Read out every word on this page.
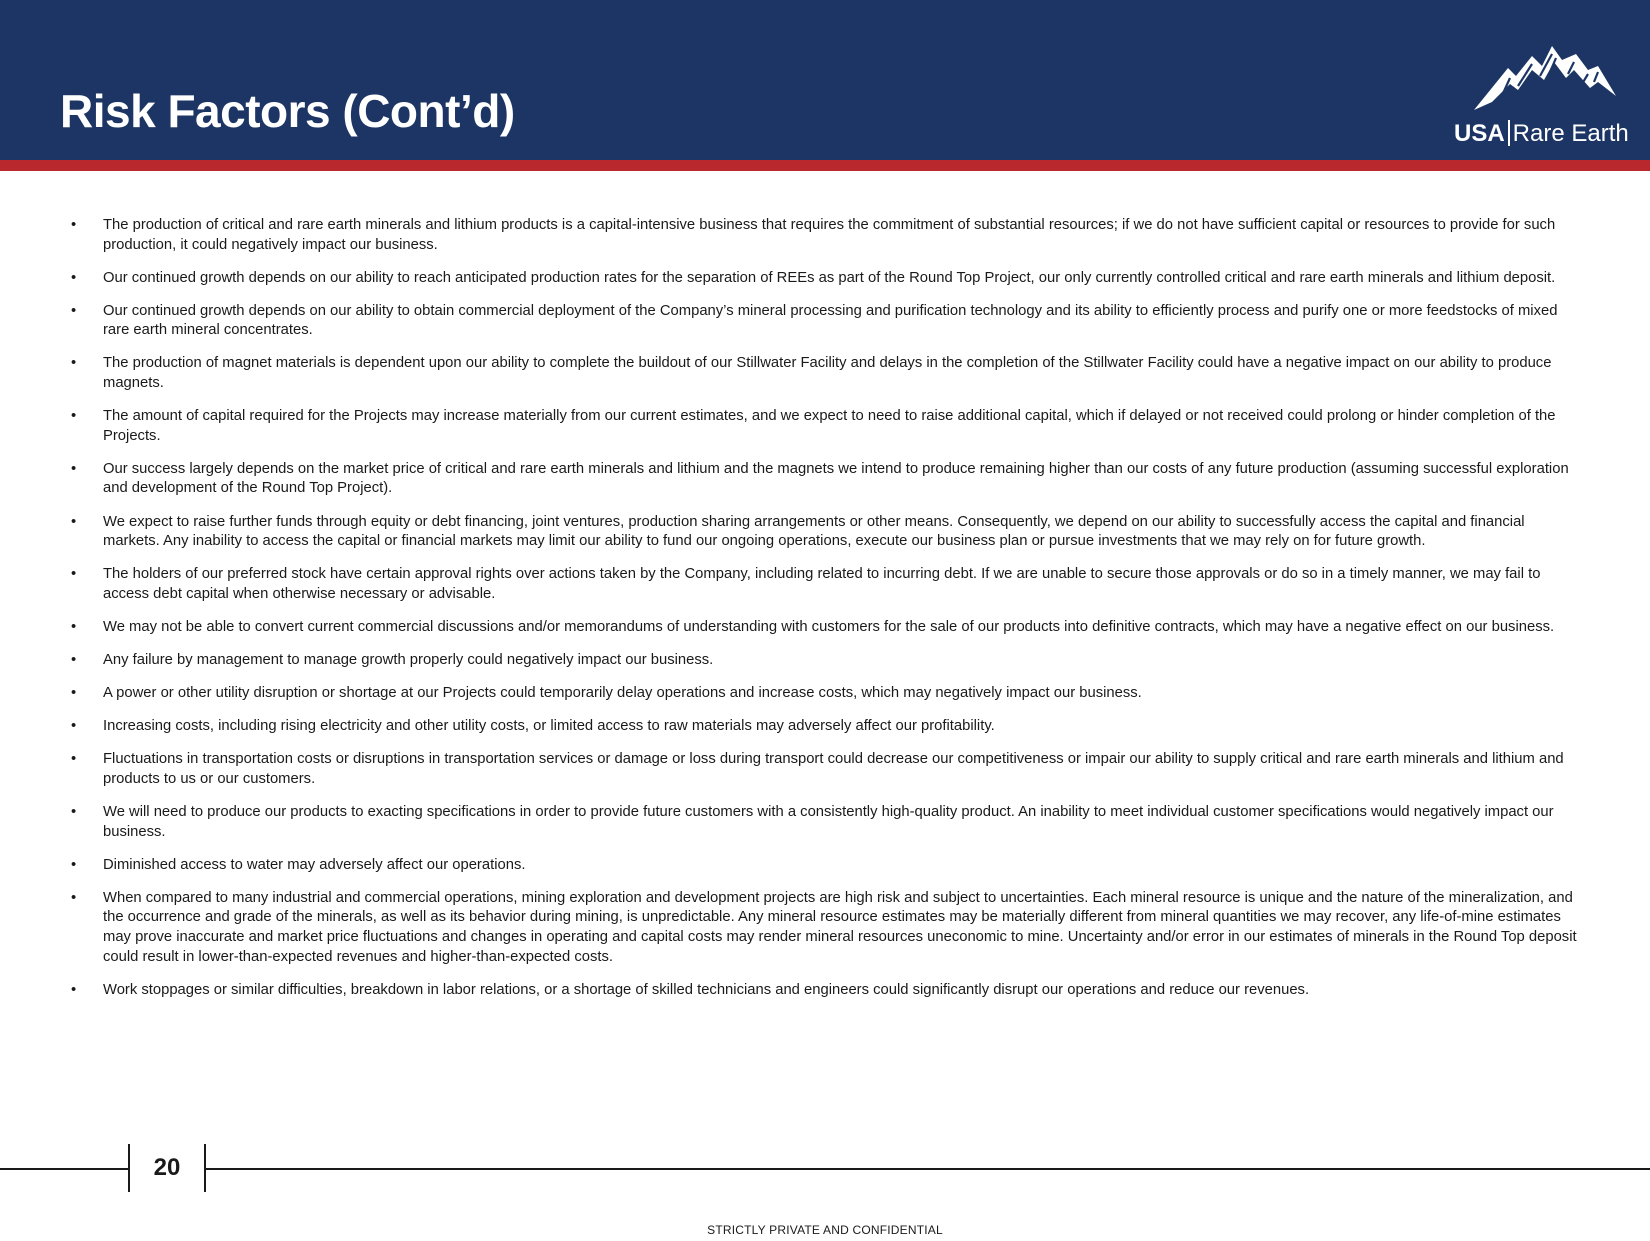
Risk Factors (Cont’d)	USA Rare Earth
• The production of critical and rare earth minerals and lithium products is a capital-intensive business that requires the commitment of substantial resources; if we do not have sufficient capital or resources to provide for such production, it could negatively impact our business.
• Our continued growth depends on our ability to reach anticipated production rates for the separation of REEs as part of the Round Top Project, our only currently controlled critical and rare earth minerals and lithium deposit.
• Our continued growth depends on our ability to obtain commercial deployment of the Company’s mineral processing and purification technology and its ability to efficiently process and purify one or more feedstocks of mixed rare earth mineral concentrates.
• The production of magnet materials is dependent upon our ability to complete the buildout of our Stillwater Facility and delays in the completion of the Stillwater Facility could have a negative impact on our ability to produce magnets.
• The amount of capital required for the Projects may increase materially from our current estimates, and we expect to need to raise additional capital, which if delayed or not received could prolong or hinder completion of the Projects.
• Our success largely depends on the market price of critical and rare earth minerals and lithium and the magnets we intend to produce remaining higher than our costs of any future production (assuming successful exploration and development of the Round Top Project).
• We expect to raise further funds through equity or debt financing, joint ventures, production sharing arrangements or other means. Consequently, we depend on our ability to successfully access the capital and financial markets. Any inability to access the capital or financial markets may limit our ability to fund our ongoing operations, execute our business plan or pursue investments that we may rely on for future growth.
• The holders of our preferred stock have certain approval rights over actions taken by the Company, including related to incurring debt. If we are unable to secure those approvals or do so in a timely manner, we may fail to access debt capital when otherwise necessary or advisable.
• We may not be able to convert current commercial discussions and/or memorandums of understanding with customers for the sale of our products into definitive contracts, which may have a negative effect on our business.
• Any failure by management to manage growth properly could negatively impact our business.
• A power or other utility disruption or shortage at our Projects could temporarily delay operations and increase costs, which may negatively impact our business.
• Increasing costs, including rising electricity and other utility costs, or limited access to raw materials may adversely affect our profitability.
• Fluctuations in transportation costs or disruptions in transportation services or damage or loss during transport could decrease our competitiveness or impair our ability to supply critical and rare earth minerals and lithium and products to us or our customers.
• We will need to produce our products to exacting specifications in order to provide future customers with a consistently high-quality product. An inability to meet individual customer specifications would negatively impact our business.
• Diminished access to water may adversely affect our operations.
• When compared to many industrial and commercial operations, mining exploration and development projects are high risk and subject to uncertainties. Each mineral resource is unique and the nature of the mineralization, and the occurrence and grade of the minerals, as well as its behavior during mining, is unpredictable. Any mineral resource estimates may be materially different from mineral quantities we may recover, any life-of-mine estimates may prove inaccurate and market price fluctuations and changes in operating and capital costs may render mineral resources uneconomic to mine. Uncertainty and/or error in our estimates of minerals in the Round Top deposit could result in lower-than-expected revenues and higher-than-expected costs.
• Work stoppages or similar difficulties, breakdown in labor relations, or a shortage of skilled technicians and engineers could significantly disrupt our operations and reduce our revenues.
20
STRICTLY PRIVATE AND CONFIDENTIAL
